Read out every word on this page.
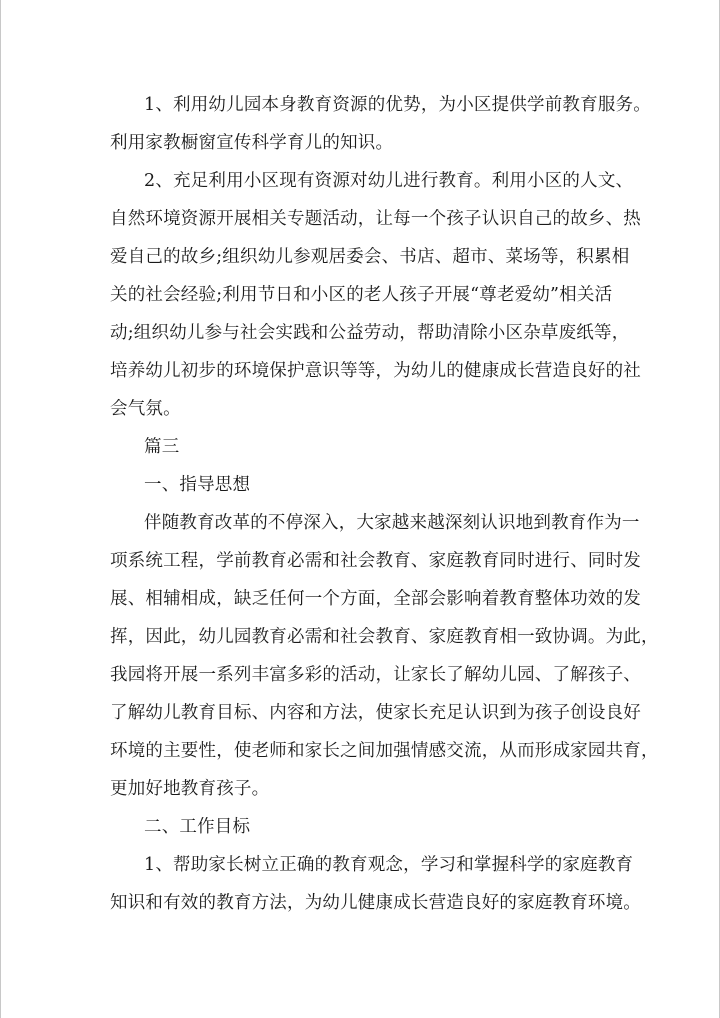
1、利用幼儿园本身教育资源的优势，为小区提供学前教育服务。
利用家教橱窗宣传科学育儿的知识。
2、充足利用小区现有资源对幼儿进行教育。利用小区的人文、
自然环境资源开展相关专题活动，让每一个孩子认识自己的故乡、热
爱自己的故乡;组织幼儿参观居委会、书店、超市、菜场等，积累相
关的社会经验;利用节日和小区的老人孩子开展“尊老爱幼”相关活
动;组织幼儿参与社会实践和公益劳动，帮助清除小区杂草废纸等，
培养幼儿初步的环境保护意识等等，为幼儿的健康成长营造良好的社
会气氛。
篇三
一、指导思想
伴随教育改革的不停深入，大家越来越深刻认识地到教育作为一
项系统工程，学前教育必需和社会教育、家庭教育同时进行、同时发
展、相辅相成，缺乏任何一个方面，全部会影响着教育整体功效的发
挥，因此，幼儿园教育必需和社会教育、家庭教育相一致协调。为此，
我园将开展一系列丰富多彩的活动，让家长了解幼儿园、了解孩子、
了解幼儿教育目标、内容和方法，使家长充足认识到为孩子创设良好
环境的主要性，使老师和家长之间加强情感交流，从而形成家园共育，
更加好地教育孩子。
二、工作目标
1、帮助家长树立正确的教育观念，学习和掌握科学的家庭教育
知识和有效的教育方法，为幼儿健康成长营造良好的家庭教育环境。
